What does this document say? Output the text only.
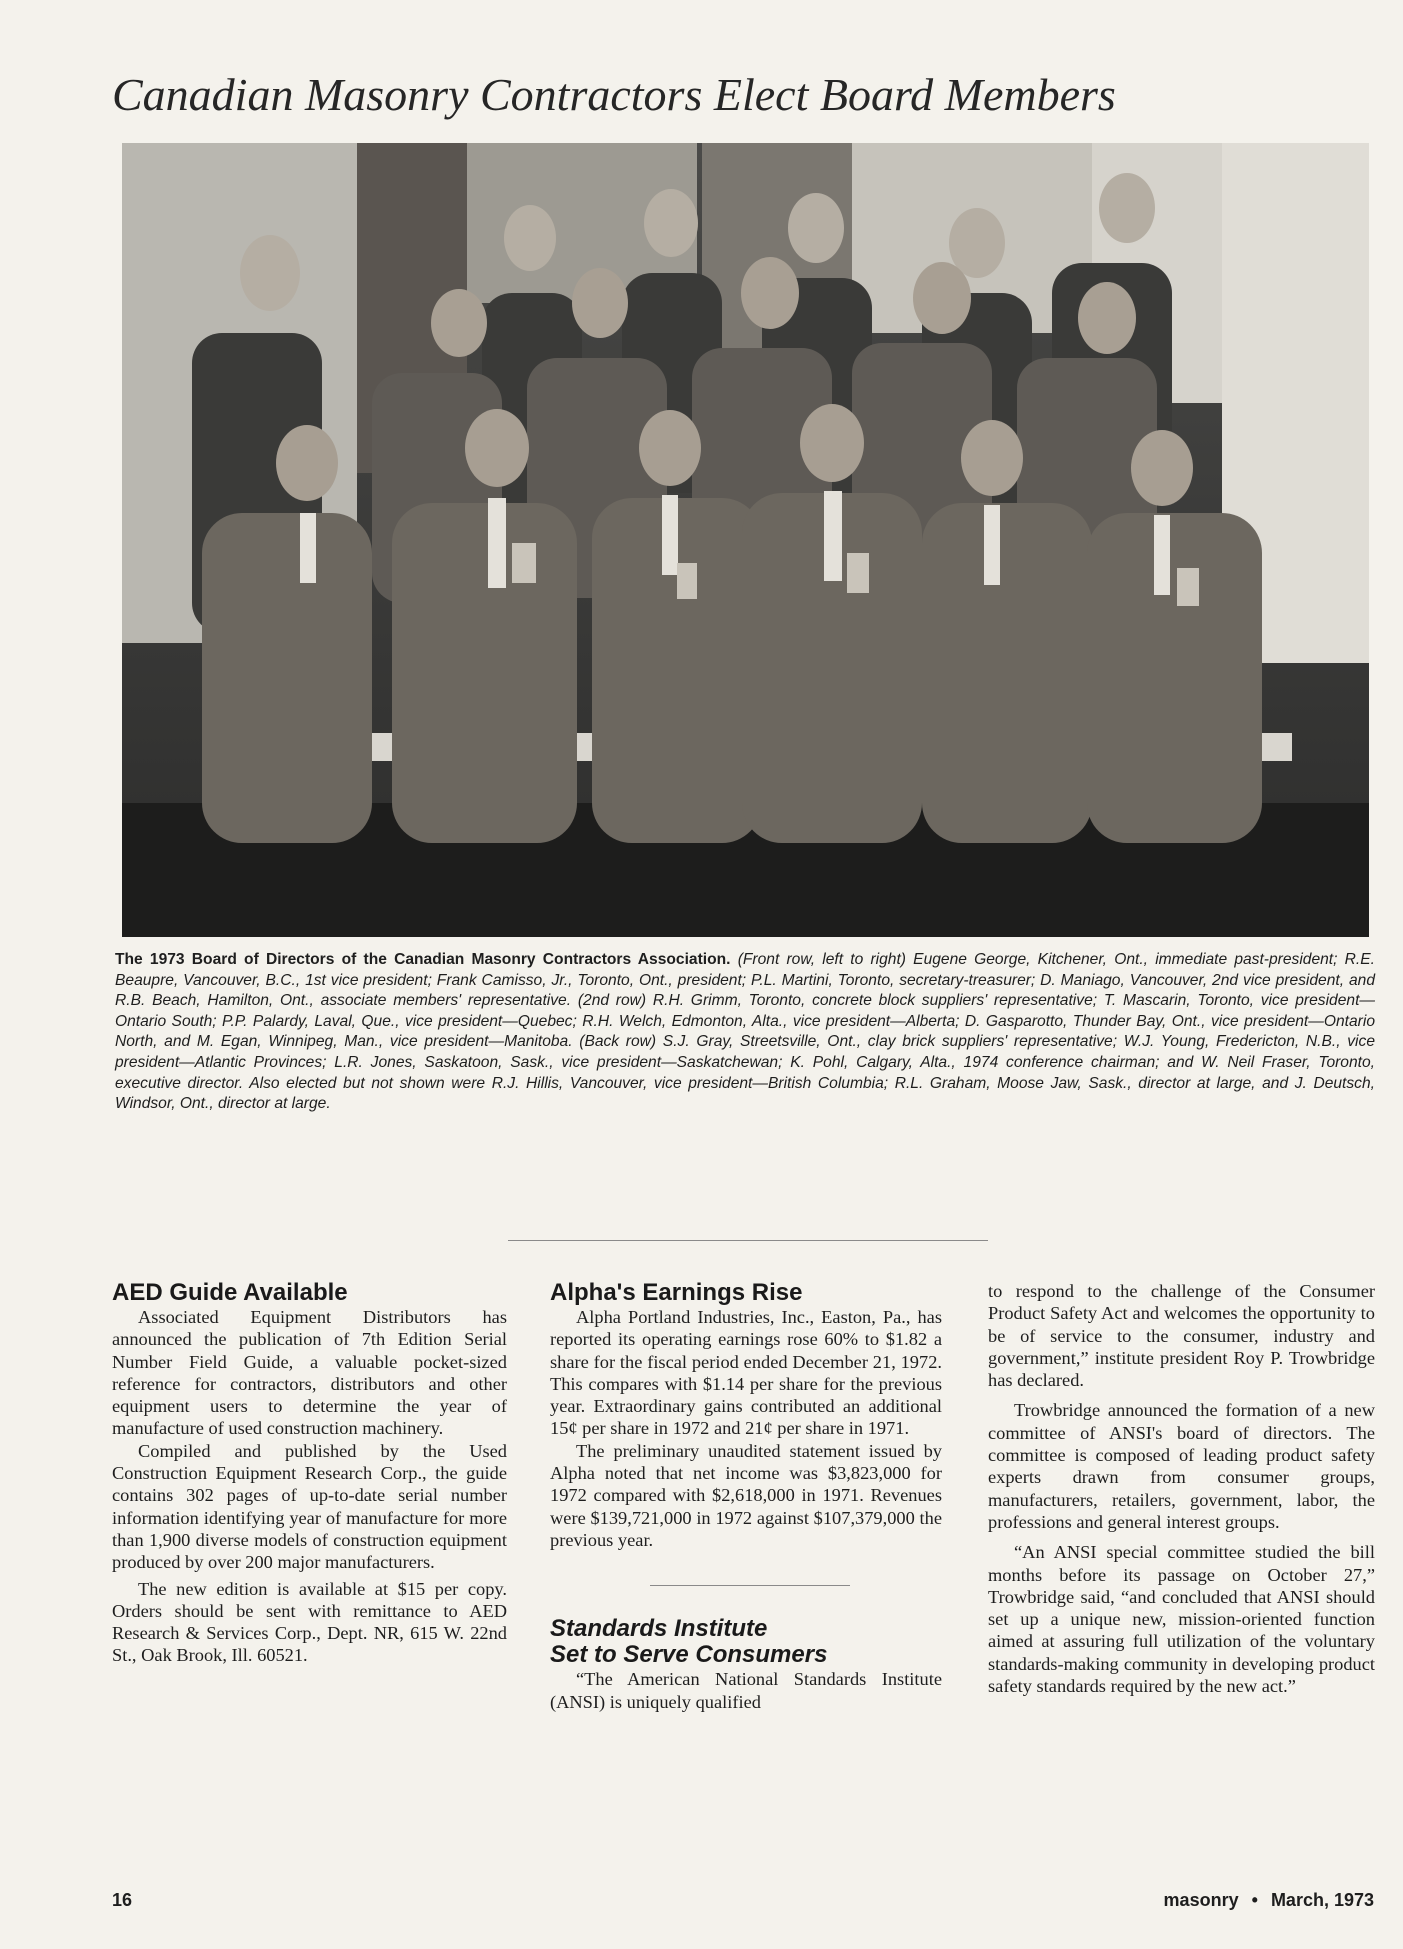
Canadian Masonry Contractors Elect Board Members
The 1973 Board of Directors of the Canadian Masonry Contractors Association. (Front row, left to right) Eugene George, Kitchener, Ont., immediate past-president; R.E. Beaupre, Vancouver, B.C., 1st vice president; Frank Camisso, Jr., Toronto, Ont., president; P.L. Martini, Toronto, secretary-treasurer; D. Maniago, Vancouver, 2nd vice president, and R.B. Beach, Hamilton, Ont., associate members' representative. (2nd row) R.H. Grimm, Toronto, concrete block suppliers' representative; T. Mascarin, Toronto, vice president—Ontario South; P.P. Palardy, Laval, Que., vice president—Quebec; R.H. Welch, Edmonton, Alta., vice president—Alberta; D. Gasparotto, Thunder Bay, Ont., vice president—Ontario North, and M. Egan, Winnipeg, Man., vice president—Manitoba. (Back row) S.J. Gray, Streetsville, Ont., clay brick suppliers' representative; W.J. Young, Fredericton, N.B., vice president—Atlantic Provinces; L.R. Jones, Saskatoon, Sask., vice president—Saskatchewan; K. Pohl, Calgary, Alta., 1974 conference chairman; and W. Neil Fraser, Toronto, executive director. Also elected but not shown were R.J. Hillis, Vancouver, vice president—British Columbia; R.L. Graham, Moose Jaw, Sask., director at large, and J. Deutsch, Windsor, Ont., director at large.
AED Guide Available

Associated Equipment Distributors has announced the publication of 7th Edition Serial Number Field Guide, a valuable pocket-sized reference for contractors, distributors and other equipment users to determine the year of manufacture of used construction machinery.

Compiled and published by the Used Construction Equipment Research Corp., the guide contains 302 pages of up-to-date serial number information identifying year of manufacture for more than 1,900 diverse models of construction equipment produced by over 200 major manufacturers.

The new edition is available at $15 per copy. Orders should be sent with remittance to AED Research & Services Corp., Dept. NR, 615 W. 22nd St., Oak Brook, Ill. 60521.

Alpha's Earnings Rise

Alpha Portland Industries, Inc., Easton, Pa., has reported its operating earnings rose 60% to $1.82 a share for the fiscal period ended December 21, 1972. This compares with $1.14 per share for the previous year. Extraordinary gains contributed an additional 15¢ per share in 1972 and 21¢ per share in 1971.

The preliminary unaudited statement issued by Alpha noted that net income was $3,823,000 for 1972 compared with $2,618,000 in 1971. Revenues were $139,721,000 in 1972 against $107,379,000 the previous year.

Standards Institute
Set to Serve Consumers

“The American National Standards Institute (ANSI) is uniquely qualified

to respond to the challenge of the Consumer Product Safety Act and welcomes the opportunity to be of service to the consumer, industry and government,” institute president Roy P. Trowbridge has declared.

Trowbridge announced the formation of a new committee of ANSI's board of directors. The committee is composed of leading product safety experts drawn from consumer groups, manufacturers, retailers, government, labor, the professions and general interest groups.

“An ANSI special committee studied the bill months before its passage on October 27,” Trowbridge said, “and concluded that ANSI should set up a unique new, mission-oriented function aimed at assuring full utilization of the voluntary standards-making community in developing product safety standards required by the new act.”

16	masonry • March, 1973
